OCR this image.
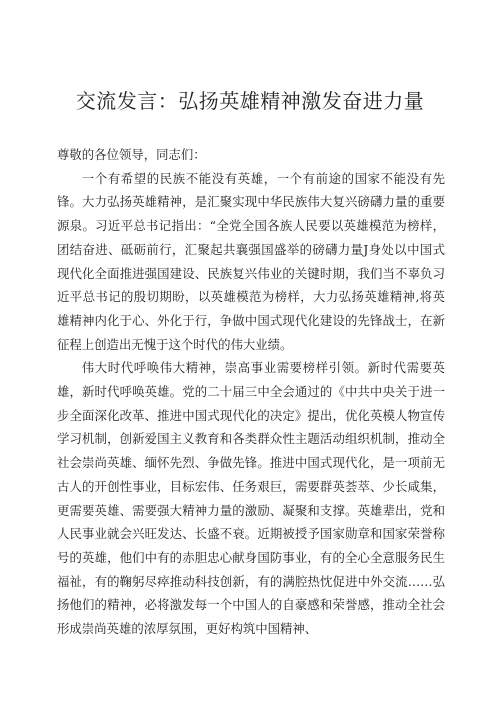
交流发言：弘扬英雄精神激发奋进力量

尊敬的各位领导，同志们：

一个有希望的民族不能没有英雄，一个有前途的国家不能没有先锋。大力弘扬英雄精神，是汇聚实现中华民族伟大复兴磅礴力量的重要源泉。习近平总书记指出：“全党全国各族人民要以英雄模范为榜样，团结奋进、砥砺前行，汇聚起共襄强国盛举的磅礴力量J身处以中国式现代化全面推进强国建设、民族复兴伟业的关键时期，我们当不辜负习近平总书记的殷切期盼，以英雄模范为榜样，大力弘扬英雄精神,将英雄精神内化于心、外化于行，争做中国式现代化建设的先锋战士，在新征程上创造出无愧于这个时代的伟大业绩。

伟大时代呼唤伟大精神，崇高事业需要榜样引领。新时代需要英雄，新时代呼唤英雄。党的二十届三中全会通过的《中共中央关于进一步全面深化改革、推进中国式现代化的决定》提出，优化英模人物宣传学习机制，创新爱国主义教育和各类群众性主题活动组织机制，推动全社会崇尚英雄、缅怀先烈、争做先锋。推进中国式现代化，是一项前无古人的开创性事业，目标宏伟、任务艰巨，需要群英荟萃、少长咸集，更需要英雄、需要强大精神力量的激励、凝聚和支撑。英雄辈出，党和人民事业就会兴旺发达、长盛不衰。近期被授予国家勋章和国家荣誉称号的英雄，他们中有的赤胆忠心献身国防事业，有的全心全意服务民生福祉，有的鞠躬尽瘁推动科技创新，有的满腔热忱促进中外交流……弘扬他们的精神，必将激发每一个中国人的自豪感和荣誉感，推动全社会形成崇尚英雄的浓厚氛围，更好构筑中国精神、
